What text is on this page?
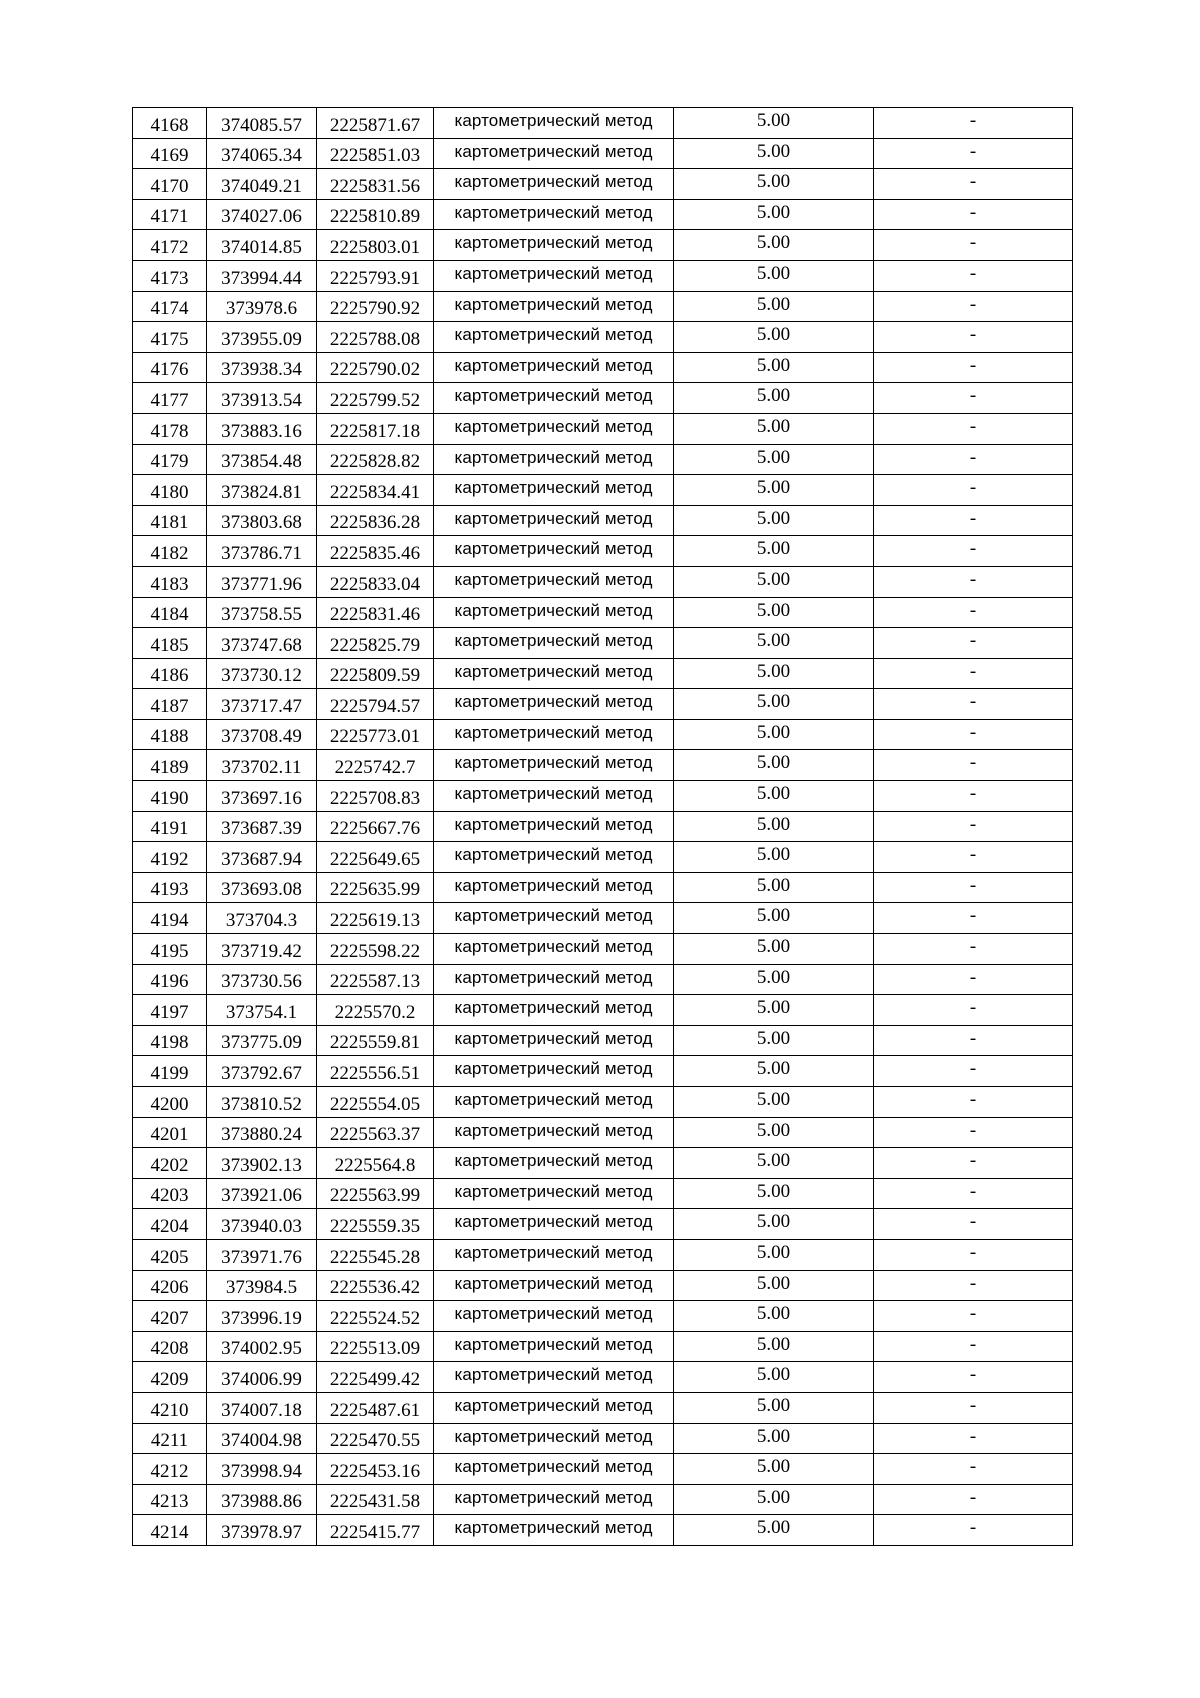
4168	374085.57	2225871.67	картометрический метод	5.00	-
4169	374065.34	2225851.03	картометрический метод	5.00	-
4170	374049.21	2225831.56	картометрический метод	5.00	-
4171	374027.06	2225810.89	картометрический метод	5.00	-
4172	374014.85	2225803.01	картометрический метод	5.00	-
4173	373994.44	2225793.91	картометрический метод	5.00	-
4174	373978.6	2225790.92	картометрический метод	5.00	-
4175	373955.09	2225788.08	картометрический метод	5.00	-
4176	373938.34	2225790.02	картометрический метод	5.00	-
4177	373913.54	2225799.52	картометрический метод	5.00	-
4178	373883.16	2225817.18	картометрический метод	5.00	-
4179	373854.48	2225828.82	картометрический метод	5.00	-
4180	373824.81	2225834.41	картометрический метод	5.00	-
4181	373803.68	2225836.28	картометрический метод	5.00	-
4182	373786.71	2225835.46	картометрический метод	5.00	-
4183	373771.96	2225833.04	картометрический метод	5.00	-
4184	373758.55	2225831.46	картометрический метод	5.00	-
4185	373747.68	2225825.79	картометрический метод	5.00	-
4186	373730.12	2225809.59	картометрический метод	5.00	-
4187	373717.47	2225794.57	картометрический метод	5.00	-
4188	373708.49	2225773.01	картометрический метод	5.00	-
4189	373702.11	2225742.7	картометрический метод	5.00	-
4190	373697.16	2225708.83	картометрический метод	5.00	-
4191	373687.39	2225667.76	картометрический метод	5.00	-
4192	373687.94	2225649.65	картометрический метод	5.00	-
4193	373693.08	2225635.99	картометрический метод	5.00	-
4194	373704.3	2225619.13	картометрический метод	5.00	-
4195	373719.42	2225598.22	картометрический метод	5.00	-
4196	373730.56	2225587.13	картометрический метод	5.00	-
4197	373754.1	2225570.2	картометрический метод	5.00	-
4198	373775.09	2225559.81	картометрический метод	5.00	-
4199	373792.67	2225556.51	картометрический метод	5.00	-
4200	373810.52	2225554.05	картометрический метод	5.00	-
4201	373880.24	2225563.37	картометрический метод	5.00	-
4202	373902.13	2225564.8	картометрический метод	5.00	-
4203	373921.06	2225563.99	картометрический метод	5.00	-
4204	373940.03	2225559.35	картометрический метод	5.00	-
4205	373971.76	2225545.28	картометрический метод	5.00	-
4206	373984.5	2225536.42	картометрический метод	5.00	-
4207	373996.19	2225524.52	картометрический метод	5.00	-
4208	374002.95	2225513.09	картометрический метод	5.00	-
4209	374006.99	2225499.42	картометрический метод	5.00	-
4210	374007.18	2225487.61	картометрический метод	5.00	-
4211	374004.98	2225470.55	картометрический метод	5.00	-
4212	373998.94	2225453.16	картометрический метод	5.00	-
4213	373988.86	2225431.58	картометрический метод	5.00	-
4214	373978.97	2225415.77	картометрический метод	5.00	-
